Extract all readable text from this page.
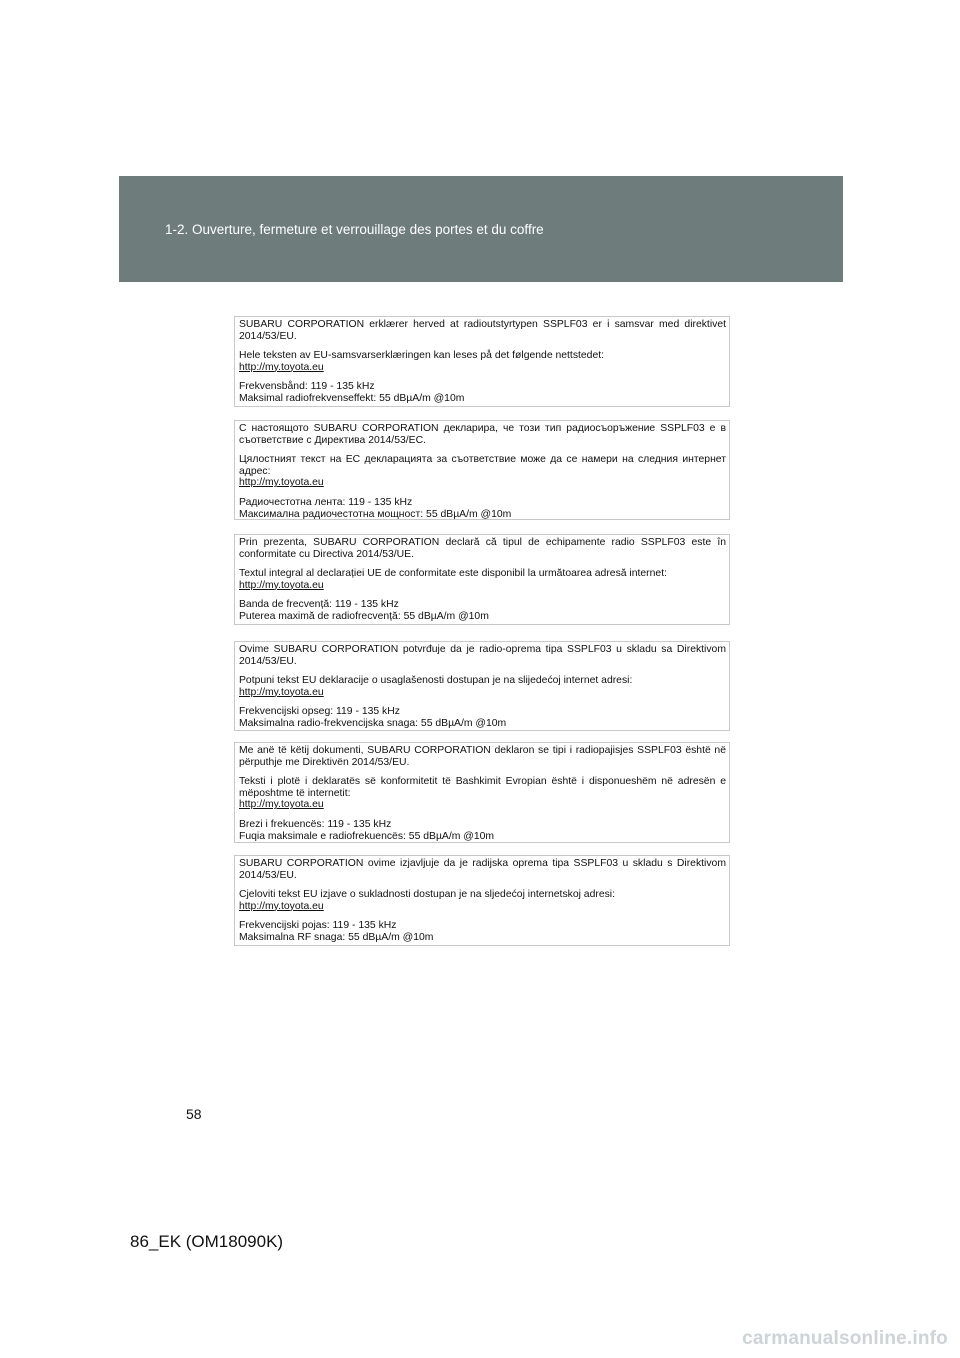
1-2. Ouverture, fermeture et verrouillage des portes et du coffre

SUBARU CORPORATION erklærer herved at radioutstyrtypen SSPLF03 er i samsvar med direktivet 2014/53/EU.

Hele teksten av EU-samsvarserklæringen kan leses på det følgende nettstedet:

http://my.toyota.eu

Frekvensbånd: 119 - 135 kHz

Maksimal radiofrekvenseffekt: 55 dBµA/m @10m

С настоящото SUBARU CORPORATION декларира, че този тип радиосъоръжение SSPLF03 е в съответствие с Директива 2014/53/ЕС.

Цялостният текст на ЕС декларацията за съответствие може да се намери на следния интернет адрес:

http://my.toyota.eu

Радиочестотна лента: 119 - 135 kHz

Максимална радиочестотна мощност: 55 dBµA/m @10m

Prin prezenta, SUBARU CORPORATION declară că tipul de echipamente radio SSPLF03 este în conformitate cu Directiva 2014/53/UE.

Textul integral al declarației UE de conformitate este disponibil la următoarea adresă internet:

http://my.toyota.eu

Banda de frecvență: 119 - 135 kHz

Puterea maximă de radiofrecvență: 55 dBµA/m @10m

Ovime SUBARU CORPORATION potvrđuje da je radio-oprema tipa SSPLF03 u skladu sa Direktivom 2014/53/EU.

Potpuni tekst EU deklaracije o usaglašenosti dostupan je na slijedećoj internet adresi:

http://my.toyota.eu

Frekvencijski opseg: 119 - 135 kHz

Maksimalna radio-frekvencijska snaga: 55 dBµA/m @10m

Me anë të këtij dokumenti, SUBARU CORPORATION deklaron se tipi i radiopajisjes SSPLF03 është në përputhje me Direktivën 2014/53/EU.

Teksti i plotë i deklaratës së konformitetit të Bashkimit Evropian është i disponueshëm në adresën e mëposhtme të internetit:

http://my.toyota.eu

Brezi i frekuencës: 119 - 135 kHz

Fuqia maksimale e radiofrekuencës: 55 dBµA/m @10m

SUBARU CORPORATION ovime izjavljuje da je radijska oprema tipa SSPLF03 u skladu s Direktivom 2014/53/EU.

Cjeloviti tekst EU izjave o sukladnosti dostupan je na sljedećoj internetskoj adresi:

http://my.toyota.eu

Frekvencijski pojas: 119 - 135 kHz

Maksimalna RF snaga: 55 dBµA/m @10m

58
86_EK (OM18090K)
carmanualsonline.info
